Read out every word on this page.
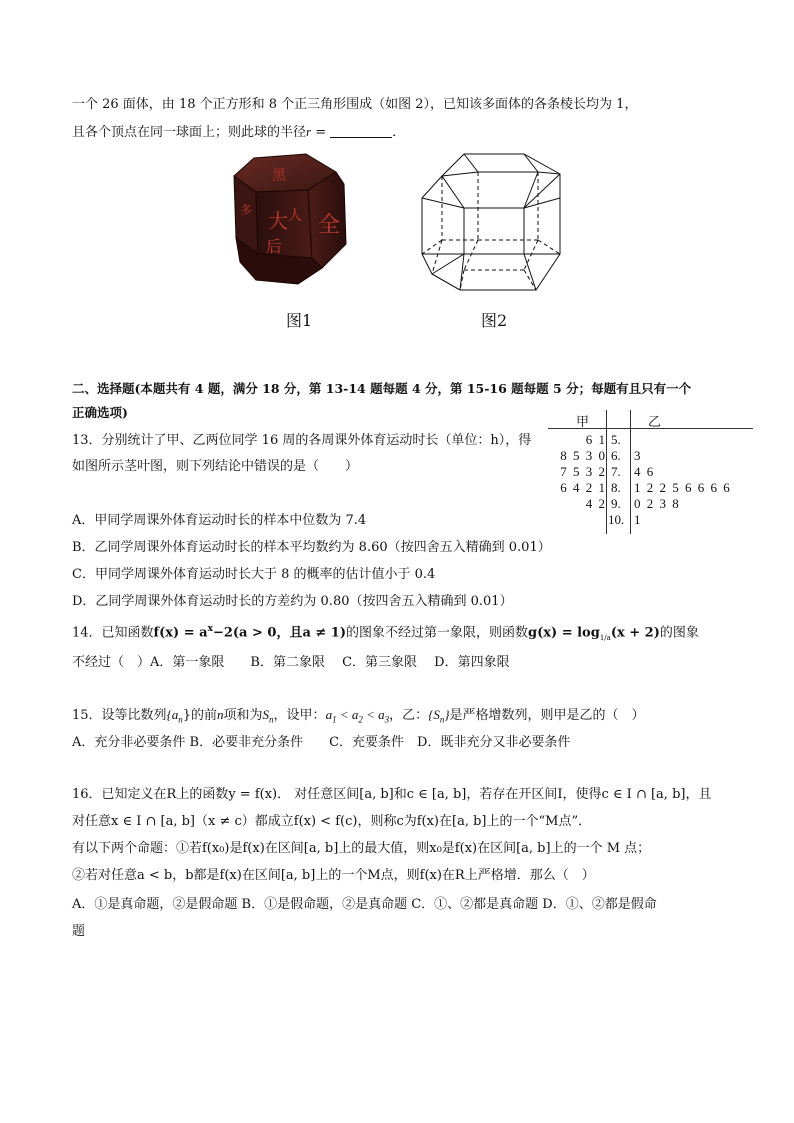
一个 26 面体，由 18 个正方形和 8 个正三角形围成（如图 2），已知该多面体的各条棱长均为 1，
且各个顶点在同一球面上；则此球的半径r =	．
大
后
人 全
黑
多
图1	图2
二、选择题(本题共有 4 题，满分 18 分，第 13-14 题每题 4 分，第 15-16 题每题 5 分；每题有且只有一个
正确选项)
甲	乙
6 1 5.
8 5 3 0 6. 3
7 5 3 2 7. 4 6
6 4 2 1 8. 1 2 2 5 6 6 6 6
4 2 9. 0 2 3 8
10. 1
13．分别统计了甲、乙两位同学 16 周的各周课外体育运动时长（单位：h），得
如图所示茎叶图，则下列结论中错误的是（　　）
A．甲同学周课外体育运动时长的样本中位数为 7.4
B．乙同学周课外体育运动时长的样本平均数约为 8.60（按四舍五入精确到 0.01）
C．甲同学周课外体育运动时长大于 8 的概率的估计值小于 0.4
D．乙同学周课外体育运动时长的方差约为 0.80（按四舍五入精确到 0.01）
14．已知函数$f(x) = a^x-2(a > 0$，且a ≠ 1)的图象不经过第一象限，则函数$g(x) = \log_{1/a}(x + 2)$的图象
不经过（　）A．第一象限　　B．第二象限　 C．第三象限　 D．第四象限
15．设等比数列$\{a_n\}$的前n项和为$S_n$，设甲：$a_1 < a_2 < a_3$，乙：$\{S_n\}$是严格增数列，则甲是乙的（　）
A．充分非必要条件 B．必要非充分条件　　C．充要条件　D．既非充分又非必要条件
16．已知定义在R上的函数y = f(x)． 对任意区间[a, b]和c ∈ [a, b]，若存在开区间I，使得c ∈ I ∩ [a, b]，且
对任意x ∈ I ∩ [a, b]（x ≠ c）都成立f(x) < f(c)，则称c为f(x)在[a, b]上的一个“M点”．
有以下两个命题：①若f(x₀)是f(x)在区间[a, b]上的最大值，则x₀是f(x)在区间[a, b]上的一个 M 点；
②若对任意a < b，b都是f(x)在区间[a, b]上的一个M点，则f(x)在R上严格增．那么（　）
A．①是真命题，②是假命题 B．①是假命题，②是真命题 C．①、②都是真命题 D．①、②都是假命
题
